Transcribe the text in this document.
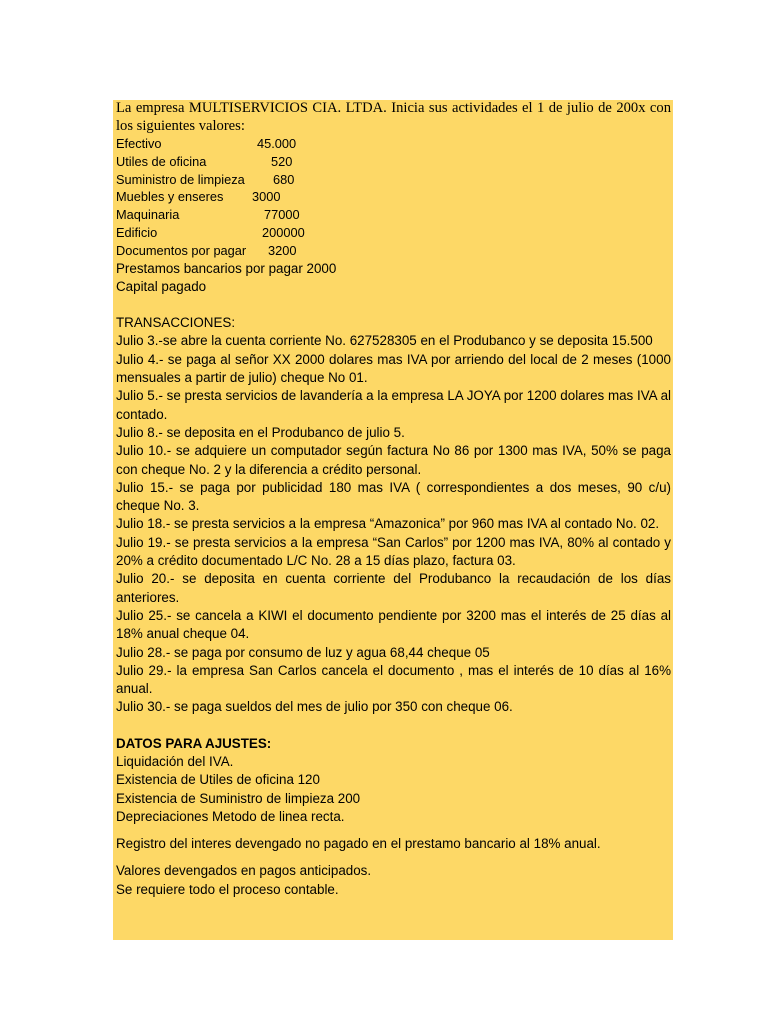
La empresa MULTISERVICIOS CIA. LTDA. Inicia sus actividades el 1 de julio de 200x con los siguientes valores:

Efectivo	45.000
Utiles de oficina	520
Suministro de limpieza 680
Muebles y enseres 3000
Maquinaria	77000
Edificio	200000
Documentos por pagar 3200

Prestamos bancarios por pagar 2000

Capital pagado

TRANSACCIONES:

Julio 3.-se abre la cuenta corriente No. 627528305 en el Produbanco y se deposita 15.500

Julio 4.- se paga al señor XX 2000 dolares mas IVA por arriendo del local de 2 meses (1000 mensuales a partir de julio) cheque No 01.

Julio 5.- se presta servicios de lavandería a la empresa LA JOYA por 1200 dolares mas IVA al contado.

Julio 8.- se deposita en el Produbanco de julio 5.

Julio 10.- se adquiere un computador según factura No 86 por 1300 mas IVA, 50% se paga con cheque No. 2 y la diferencia a crédito personal.

Julio 15.- se paga por publicidad 180 mas IVA ( correspondientes a dos meses, 90 c/u) cheque No. 3.

Julio 18.- se presta servicios a la empresa “Amazonica” por 960 mas IVA al contado No. 02.

Julio 19.- se presta servicios a la empresa “San Carlos” por 1200 mas IVA, 80% al contado y 20% a crédito documentado L/C No. 28 a 15 días plazo, factura 03.

Julio 20.- se deposita en cuenta corriente del Produbanco la recaudación de los días anteriores.

Julio 25.- se cancela a KIWI el documento pendiente por 3200 mas el interés de 25 días al 18% anual cheque 04.

Julio 28.- se paga por consumo de luz y agua 68,44 cheque 05

Julio 29.- la empresa San Carlos cancela el documento , mas el interés de 10 días al 16% anual.

Julio 30.- se paga sueldos del mes de julio por 350 con cheque 06.

DATOS PARA AJUSTES:

Liquidación del IVA.

Existencia de Utiles de oficina 120

Existencia de Suministro de limpieza 200

Depreciaciones Metodo de linea recta.

Registro del interes devengado no pagado en el prestamo bancario al 18% anual.

Valores devengados en pagos anticipados.

Se requiere todo el proceso contable.
